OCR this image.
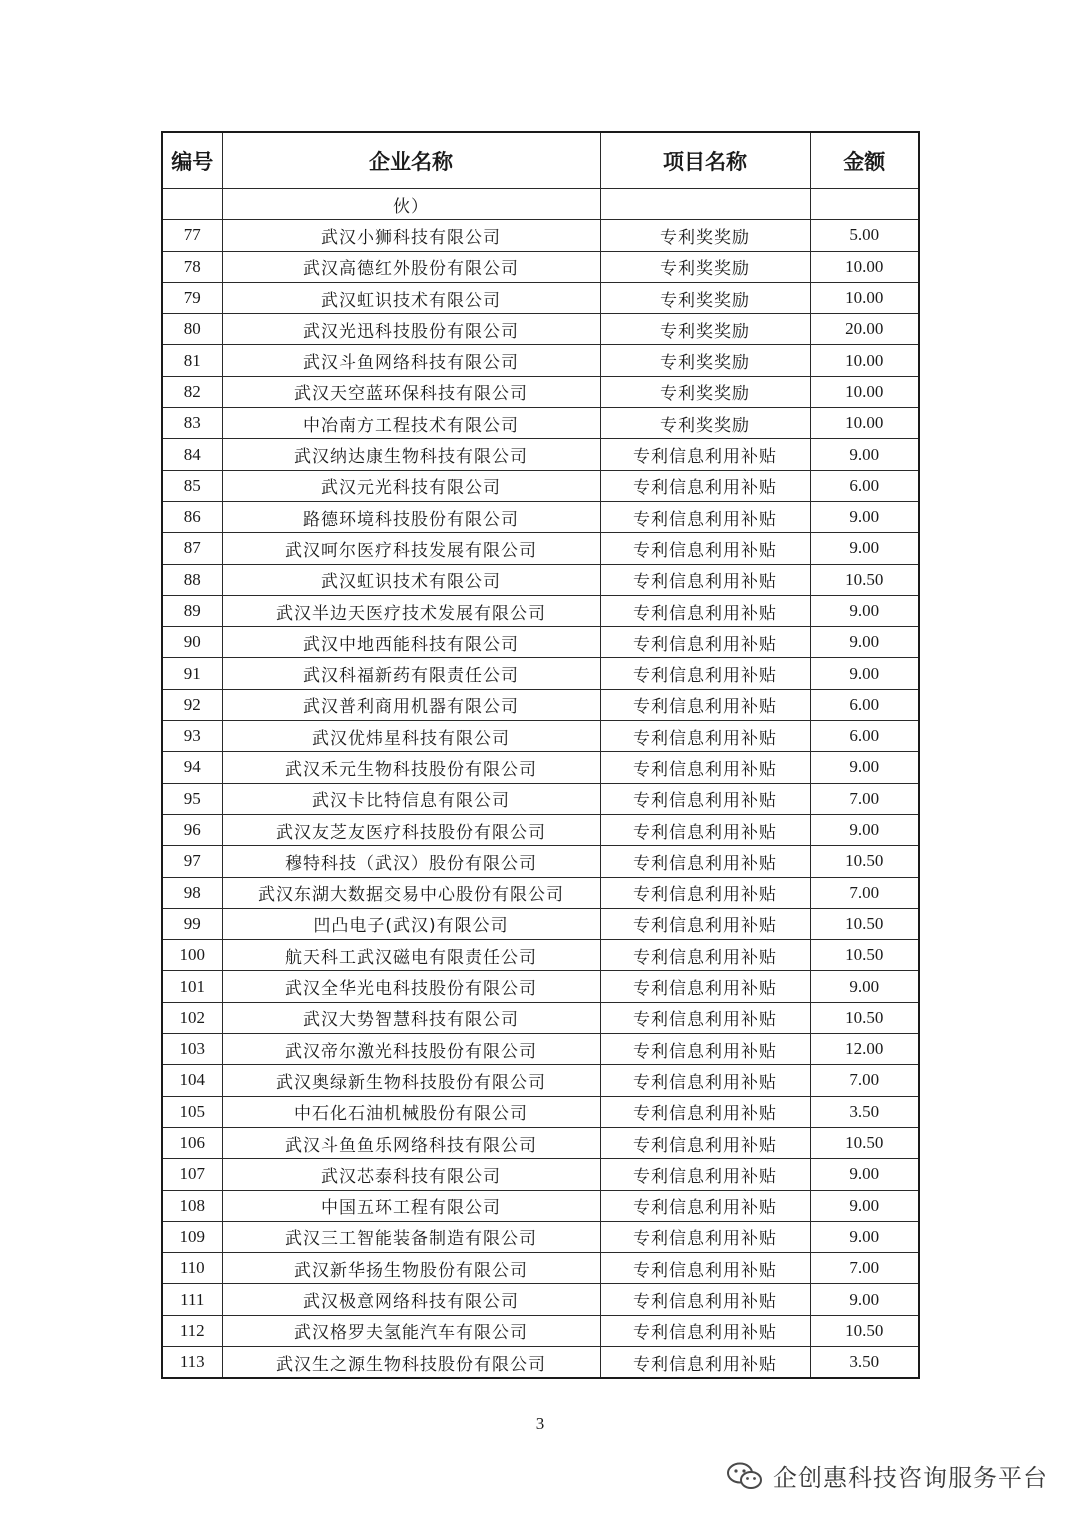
编号	企业名称	项目名称	金额
	伙）		
77	武汉小狮科技有限公司	专利奖奖励	5.00
78	武汉高德红外股份有限公司	专利奖奖励	10.00
79	武汉虹识技术有限公司	专利奖奖励	10.00
80	武汉光迅科技股份有限公司	专利奖奖励	20.00
81	武汉斗鱼网络科技有限公司	专利奖奖励	10.00
82	武汉天空蓝环保科技有限公司	专利奖奖励	10.00
83	中冶南方工程技术有限公司	专利奖奖励	10.00
84	武汉纳达康生物科技有限公司	专利信息利用补贴	9.00
85	武汉元光科技有限公司	专利信息利用补贴	6.00
86	路德环境科技股份有限公司	专利信息利用补贴	9.00
87	武汉呵尔医疗科技发展有限公司	专利信息利用补贴	9.00
88	武汉虹识技术有限公司	专利信息利用补贴	10.50
89	武汉半边天医疗技术发展有限公司	专利信息利用补贴	9.00
90	武汉中地西能科技有限公司	专利信息利用补贴	9.00
91	武汉科福新药有限责任公司	专利信息利用补贴	9.00
92	武汉普利商用机器有限公司	专利信息利用补贴	6.00
93	武汉优炜星科技有限公司	专利信息利用补贴	6.00
94	武汉禾元生物科技股份有限公司	专利信息利用补贴	9.00
95	武汉卡比特信息有限公司	专利信息利用补贴	7.00
96	武汉友芝友医疗科技股份有限公司	专利信息利用补贴	9.00
97	穆特科技（武汉）股份有限公司	专利信息利用补贴	10.50
98	武汉东湖大数据交易中心股份有限公司	专利信息利用补贴	7.00
99	凹凸电子(武汉)有限公司	专利信息利用补贴	10.50
100	航天科工武汉磁电有限责任公司	专利信息利用补贴	10.50
101	武汉全华光电科技股份有限公司	专利信息利用补贴	9.00
102	武汉大势智慧科技有限公司	专利信息利用补贴	10.50
103	武汉帝尔激光科技股份有限公司	专利信息利用补贴	12.00
104	武汉奥绿新生物科技股份有限公司	专利信息利用补贴	7.00
105	中石化石油机械股份有限公司	专利信息利用补贴	3.50
106	武汉斗鱼鱼乐网络科技有限公司	专利信息利用补贴	10.50
107	武汉芯泰科技有限公司	专利信息利用补贴	9.00
108	中国五环工程有限公司	专利信息利用补贴	9.00
109	武汉三工智能装备制造有限公司	专利信息利用补贴	9.00
110	武汉新华扬生物股份有限公司	专利信息利用补贴	7.00
111	武汉极意网络科技有限公司	专利信息利用补贴	9.00
112	武汉格罗夫氢能汽车有限公司	专利信息利用补贴	10.50
113	武汉生之源生物科技股份有限公司	专利信息利用补贴	3.50
3
企创惠科技咨询服务平台
